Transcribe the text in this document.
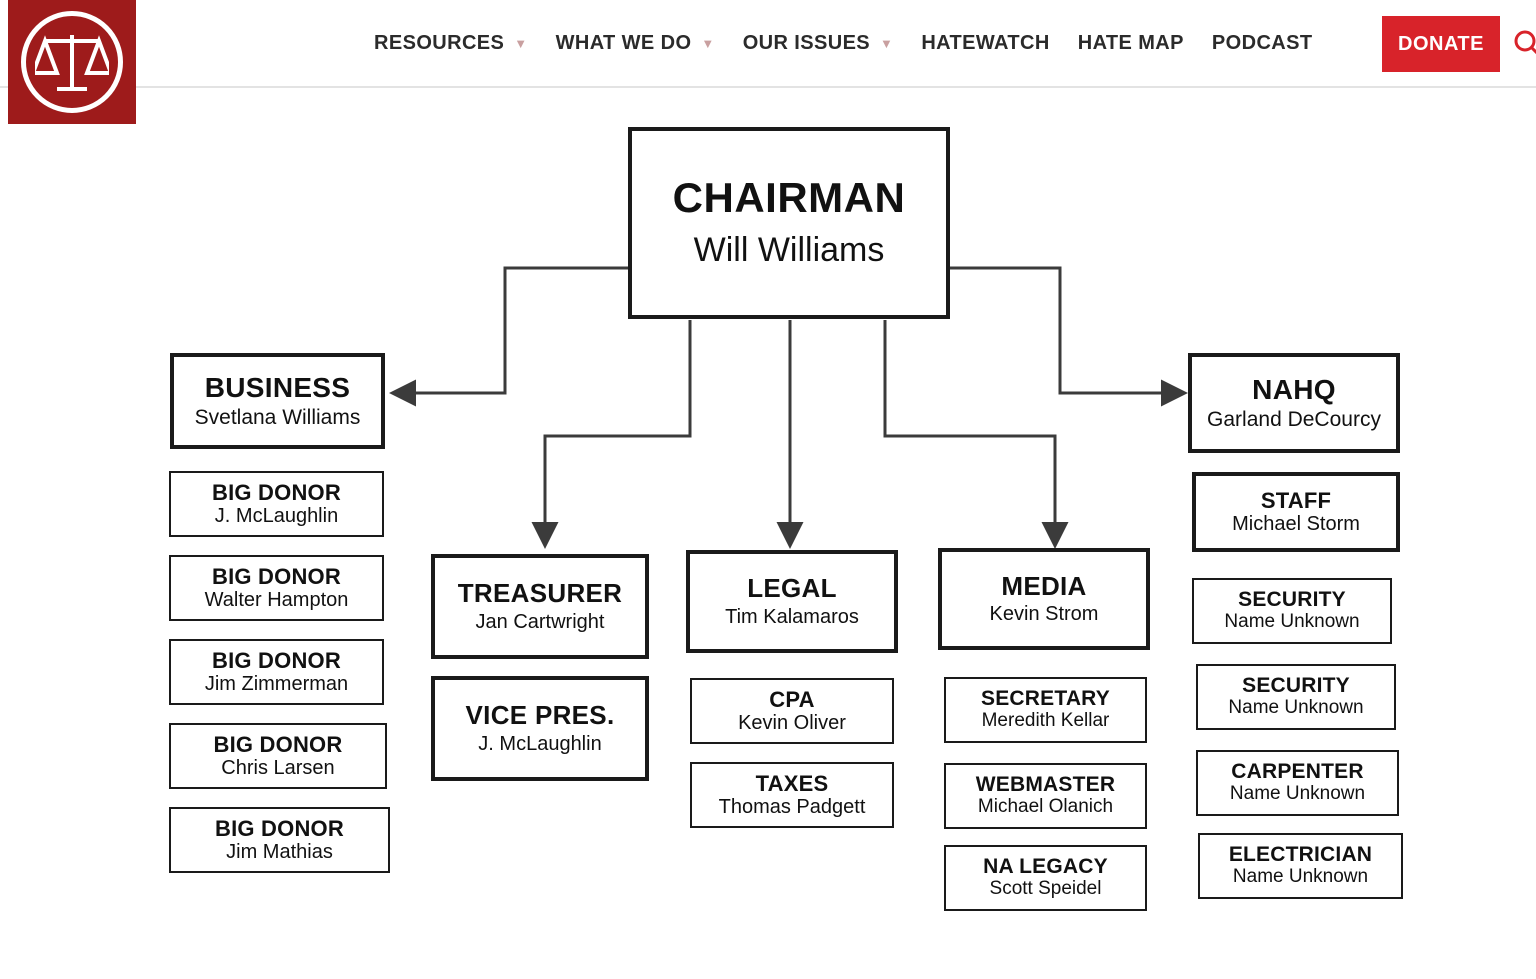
RESOURCES ▼ WHAT WE DO ▼ OUR ISSUES ▼ HATEWATCH HATE MAP PODCAST	DONATE
CHAIRMAN
Will Williams
BUSINESS
Svetlana Williams
BIG DONOR
J. McLaughlin
BIG DONOR
Walter Hampton
BIG DONOR
Jim Zimmerman
BIG DONOR
Chris Larsen
BIG DONOR
Jim Mathias
TREASURER
Jan Cartwright
VICE PRES.
J. McLaughlin
LEGAL
Tim Kalamaros
CPA
Kevin Oliver
TAXES
Thomas Padgett
MEDIA
Kevin Strom
SECRETARY
Meredith Kellar
WEBMASTER
Michael Olanich
NA LEGACY
Scott Speidel
NAHQ
Garland DeCourcy
STAFF
Michael Storm
SECURITY
Name Unknown
SECURITY
Name Unknown
CARPENTER
Name Unknown
ELECTRICIAN
Name Unknown
